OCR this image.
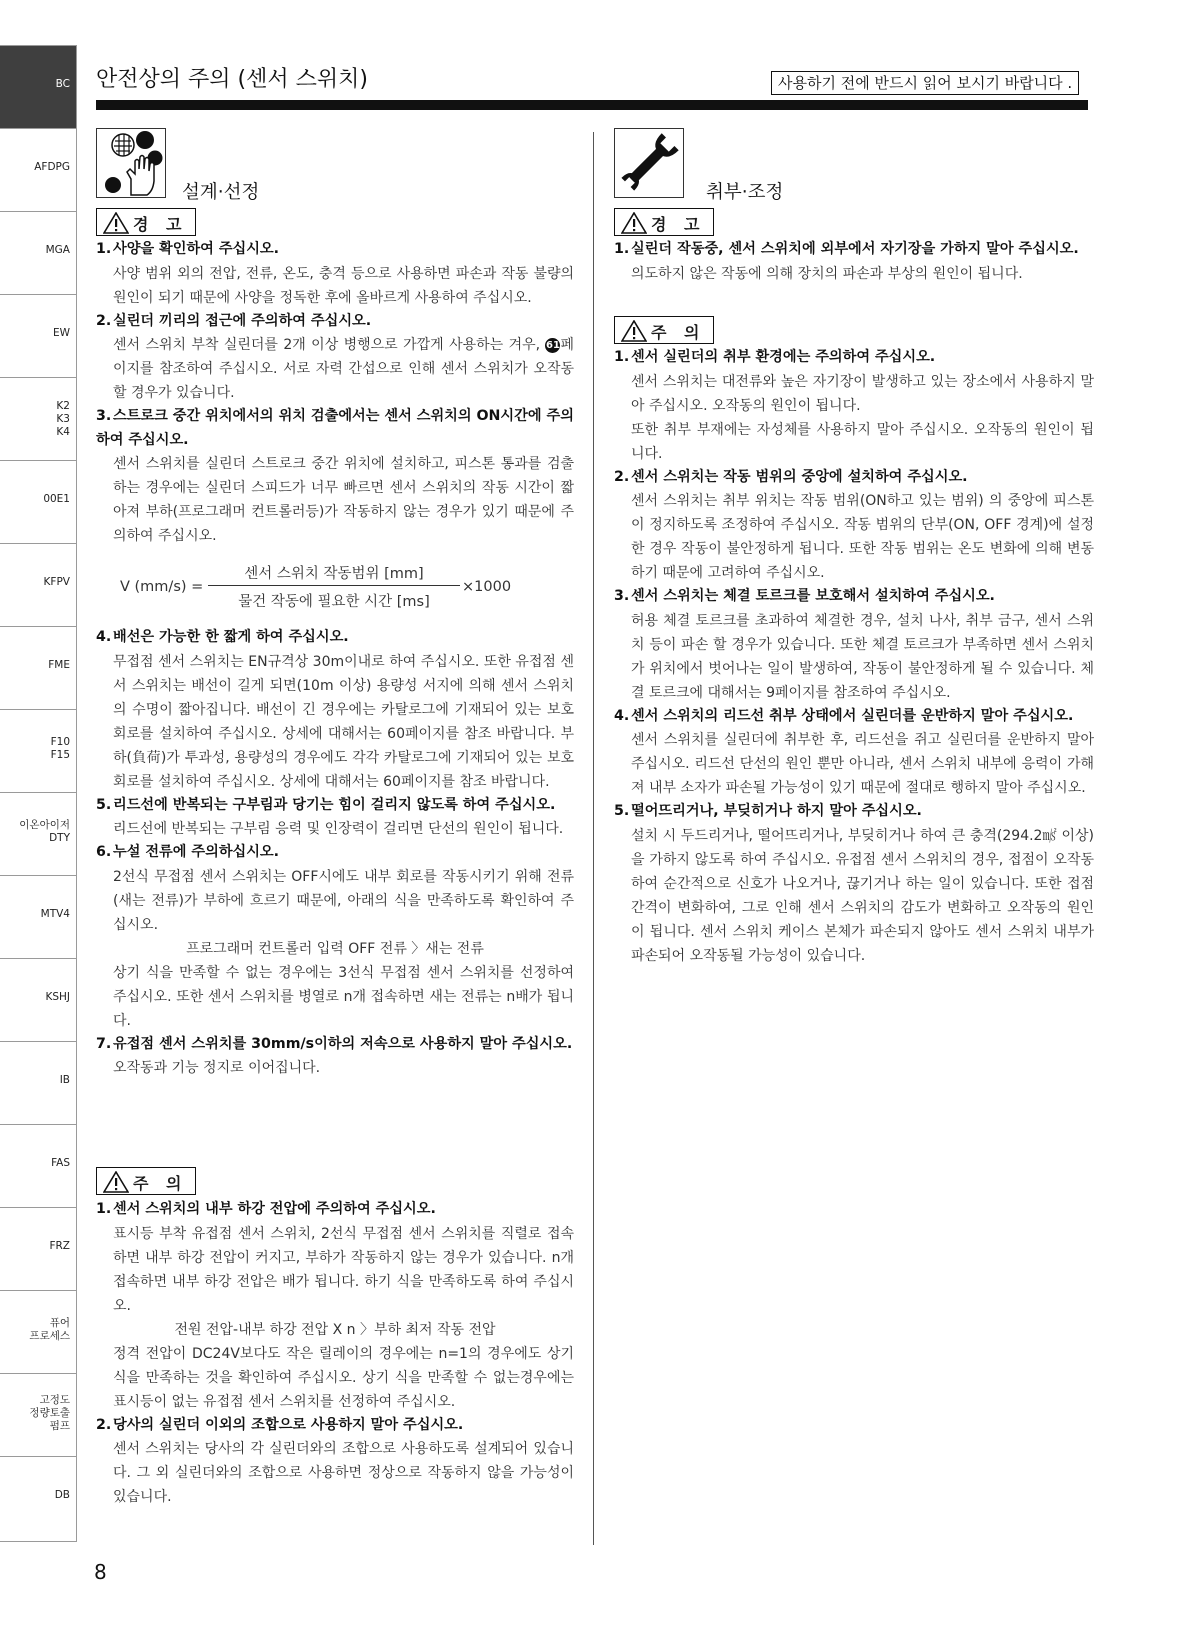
BC
AFDPG
MGA
EW
K2
K3
K4
00E1
KFPV
FME
F10
F15
이온아이저
DTY
MTV4
KSHJ
IB
FAS
FRZ
퓨어
프로세스
고정도
정량토출
펌프
DB
안전상의 주의 (센서 스위치)	사용하기 전에 반드시 읽어 보시기 바랍니다 .
설계·선정
경 고
1. 사양을 확인하여 주십시오.
사양 범위 외의 전압, 전류, 온도, 충격 등으로 사용하면 파손과 작동 불량의 원인이 되기 때문에 사양을 정독한 후에 올바르게 사용하여 주십시오.
2. 실린더 끼리의 접근에 주의하여 주십시오.
센서 스위치 부착 실린더를 2개 이상 병행으로 가깝게 사용하는 겨우, 61페이지를 참조하여 주십시오. 서로 자력 간섭으로 인해 센서 스위치가 오작동할 경우가 있습니다.
3. 스트로크 중간 위치에서의 위치 검출에서는 센서 스위치의 ON시간에 주의하여 주십시오.
센서 스위치를 실린더 스트로크 중간 위치에 설치하고, 피스톤 통과를 검출하는 경우에는 실린더 스피드가 너무 빠르면 센서 스위치의 작동 시간이 짧아져 부하(프로그래머 컨트롤러등)가 작동하지 않는 경우가 있기 때문에 주의하여 주십시오.
V (mm/s) =
센서 스위치 작동범위 [mm]
물건 작동에 필요한 시간 [ms]
×1000
4. 배선은 가능한 한 짧게 하여 주십시오.
무접점 센서 스위치는 EN규격상 30m이내로 하여 주십시오. 또한 유접점 센서 스위치는 배선이 길게 되면(10m 이상) 용량성 서지에 의해 센서 스위치의 수명이 짧아집니다. 배선이 긴 경우에는 카탈로그에 기재되어 있는 보호 회로를 설치하여 주십시오. 상세에 대해서는 60페이지를 참조 바랍니다. 부하(負荷)가 투과성, 용량성의 경우에도 각각 카탈로그에 기재되어 있는 보호 회로를 설치하여 주십시오. 상세에 대해서는 60페이지를 참조 바랍니다.
5. 리드선에 반복되는 구부림과 당기는 힘이 걸리지 않도록 하여 주십시오.
리드선에 반복되는 구부림 응력 및 인장력이 걸리면 단선의 원인이 됩니다.
6. 누설 전류에 주의하십시오.
2선식 무접점 센서 스위치는 OFF시에도 내부 회로를 작동시키기 위해 전류(새는 전류)가 부하에 흐르기 때문에, 아래의 식을 만족하도록 확인하여 주십시오.
프로그래머 컨트롤러 입력 OFF 전류 〉새는 전류
상기 식을 만족할 수 없는 경우에는 3선식 무접점 센서 스위치를 선정하여 주십시오. 또한 센서 스위치를 병열로 n개 접속하면 새는 전류는 n배가 됩니다.
7. 유접점 센서 스위치를 30mm/s이하의 저속으로 사용하지 말아 주십시오.
오작동과 기능 정지로 이어집니다.
주 의
1. 센서 스위치의 내부 하강 전압에 주의하여 주십시오.
표시등 부착 유접점 센서 스위치, 2선식 무접점 센서 스위치를 직렬로 접속하면 내부 하강 전압이 커지고, 부하가 작동하지 않는 경우가 있습니다. n개 접속하면 내부 하강 전압은 배가 됩니다. 하기 식을 만족하도록 하여 주십시오.
전원 전압-내부 하강 전압 X n 〉부하 최저 작동 전압
정격 전압이 DC24V보다도 작은 릴레이의 경우에는 n=1의 경우에도 상기 식을 만족하는 것을 확인하여 주십시오. 상기 식을 만족할 수 없는경우에는 표시등이 없는 유접점 센서 스위치를 선정하여 주십시오.
2. 당사의 실린더 이외의 조합으로 사용하지 말아 주십시오.
센서 스위치는 당사의 각 실린더와의 조합으로 사용하도록 설계되어 있습니다. 그 외 실린더와의 조합으로 사용하면 정상으로 작동하지 않을 가능성이 있습니다.
취부·조정
경 고
1. 실린더 작동중, 센서 스위치에 외부에서 자기장을 가하지 말아 주십시오.
의도하지 않은 작동에 의해 장치의 파손과 부상의 원인이 됩니다.
주 의
1. 센서 실린더의 취부 환경에는 주의하여 주십시오.
센서 스위치는 대전류와 높은 자기장이 발생하고 있는 장소에서 사용하지 말아 주십시오. 오작동의 원인이 됩니다.
또한 취부 부재에는 자성체를 사용하지 말아 주십시오. 오작동의 원인이 됩니다.
2. 센서 스위치는 작동 범위의 중앙에 설치하여 주십시오.
센서 스위치는 취부 위치는 작동 범위(ON하고 있는 범위) 의 중앙에 피스톤이 정지하도록 조정하여 주십시오. 작동 범위의 단부(ON, OFF 경계)에 설정한 경우 작동이 불안정하게 됩니다. 또한 작동 범위는 온도 변화에 의해 변동하기 때문에 고려하여 주십시오.
3. 센서 스위치는 체결 토르크를 보호해서 설치하여 주십시오.
허용 체결 토르크를 초과하여 체결한 경우, 설치 나사, 취부 금구, 센서 스위치 등이 파손 할 경우가 있습니다. 또한 체결 토르크가 부족하면 센서 스위치가 위치에서 벗어나는 일이 발생하여, 작동이 불안정하게 될 수 있습니다. 체결 토르크에 대해서는 9페이지를 참조하여 주십시오.
4. 센서 스위치의 리드선 취부 상태에서 실린더를 운반하지 말아 주십시오.
센서 스위치를 실린더에 취부한 후, 리드선을 쥐고 실린더를 운반하지 말아 주십시오. 리드선 단선의 원인 뿐만 아니라, 센서 스위치 내부에 응력이 가해져 내부 소자가 파손될 가능성이 있기 때문에 절대로 행하지 말아 주십시오.
5. 떨어뜨리거나, 부딪히거나 하지 말아 주십시오.
설치 시 두드리거나, 떨어뜨리거나, 부딪히거나 하여 큰 충격(294.2㎨ 이상)을 가하지 않도록 하여 주십시오. 유접점 센서 스위치의 경우, 접점이 오작동하여 순간적으로 신호가 나오거나, 끊기거나 하는 일이 있습니다. 또한 접점 간격이 변화하여, 그로 인해 센서 스위치의 감도가 변화하고 오작동의 원인이 됩니다. 센서 스위치 케이스 본체가 파손되지 않아도 센서 스위치 내부가 파손되어 오작동될 가능성이 있습니다.
8
